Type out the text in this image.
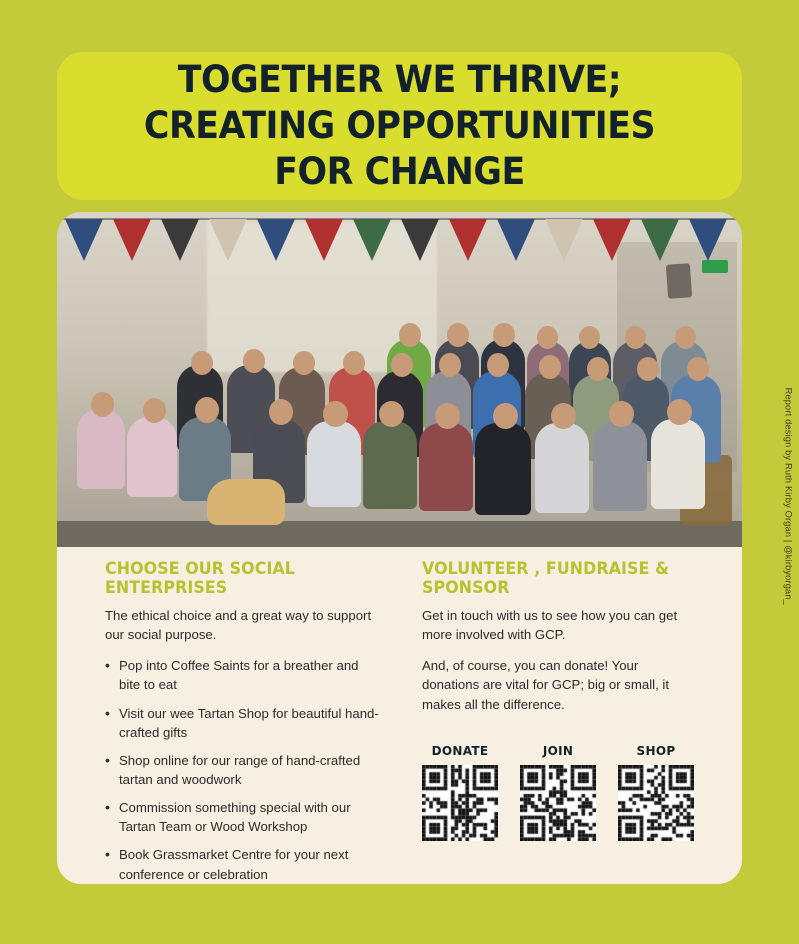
TOGETHER WE THRIVE; CREATING OPPORTUNITIES FOR CHANGE
CHOOSE OUR SOCIAL ENTERPRISES

The ethical choice and a great way to support our social purpose.

• Pop into Coffee Saints for a breather and bite to eat
• Visit our wee Tartan Shop for beautiful hand-crafted gifts
• Shop online for our range of hand-crafted tartan and woodwork
• Commission something special with our Tartan Team or Wood Workshop
• Book Grassmarket Centre for your next conference or celebration
VOLUNTEER , FUNDRAISE & SPONSOR

Get in touch with us to see how you can get more involved with GCP.

And, of course, you can donate! Your donations are vital for GCP; big or small, it makes all the difference.

DONATE	JOIN	SHOP
Report design by Ruth Kirby Organ | @kirbyorgan_
